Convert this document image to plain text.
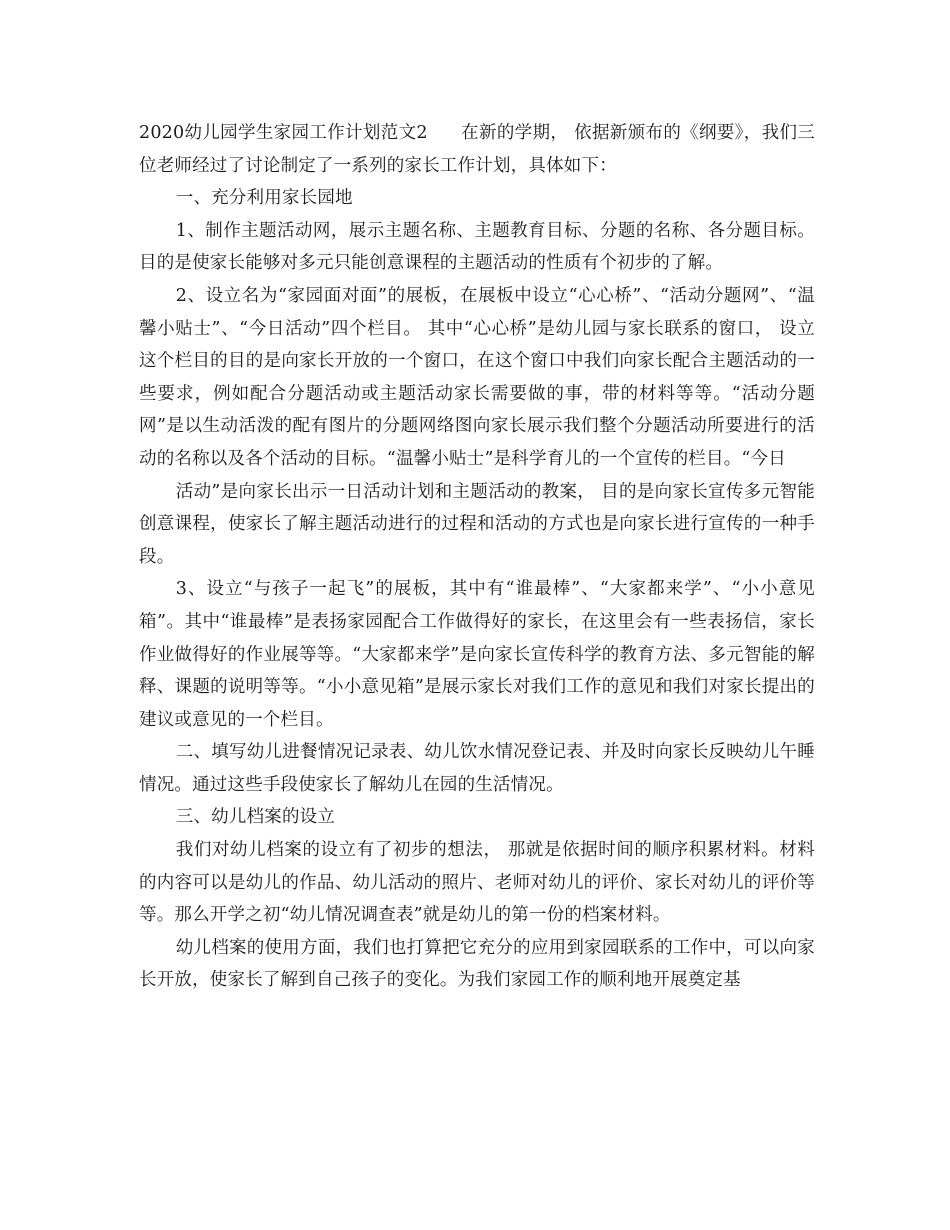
2020幼儿园学生家园工作计划范文2 在新的学期， 依据新颁布的《纲要》，我们三位老师经过了讨论制定了一系列的家长工作计划，具体如下：

一、充分利用家长园地

1、制作主题活动网，展示主题名称、主题教育目标、分题的名称、各分题目标。目的是使家长能够对多元只能创意课程的主题活动的性质有个初步的了解。

2、设立名为“家园面对面”的展板，在展板中设立“心心桥”、“活动分题网”、“温馨小贴士”、“今日活动”四个栏目。 其中“心心桥”是幼儿园与家长联系的窗口， 设立这个栏目的目的是向家长开放的一个窗口，在这个窗口中我们向家长配合主题活动的一些要求，例如配合分题活动或主题活动家长需要做的事，带的材料等等。“活动分题网”是以生动活泼的配有图片的分题网络图向家长展示我们整个分题活动所要进行的活动的名称以及各个活动的目标。“温馨小贴士”是科学育儿的一个宣传的栏目。“今日

活动”是向家长出示一日活动计划和主题活动的教案， 目的是向家长宣传多元智能创意课程，使家长了解主题活动进行的过程和活动的方式也是向家长进行宣传的一种手段。

3、设立“与孩子一起飞”的展板，其中有“谁最棒”、“大家都来学”、“小小意见箱”。其中“谁最棒”是表扬家园配合工作做得好的家长，在这里会有一些表扬信，家长作业做得好的作业展等等。“大家都来学”是向家长宣传科学的教育方法、多元智能的解释、课题的说明等等。“小小意见箱”是展示家长对我们工作的意见和我们对家长提出的建议或意见的一个栏目。

二、填写幼儿进餐情况记录表、幼儿饮水情况登记表、并及时向家长反映幼儿午睡情况。通过这些手段使家长了解幼儿在园的生活情况。

三、幼儿档案的设立

我们对幼儿档案的设立有了初步的想法， 那就是依据时间的顺序积累材料。材料的内容可以是幼儿的作品、幼儿活动的照片、老师对幼儿的评价、家长对幼儿的评价等等。那么开学之初“幼儿情况调查表”就是幼儿的第一份的档案材料。

幼儿档案的使用方面，我们也打算把它充分的应用到家园联系的工作中，可以向家长开放，使家长了解到自己孩子的变化。为我们家园工作的顺利地开展奠定基
